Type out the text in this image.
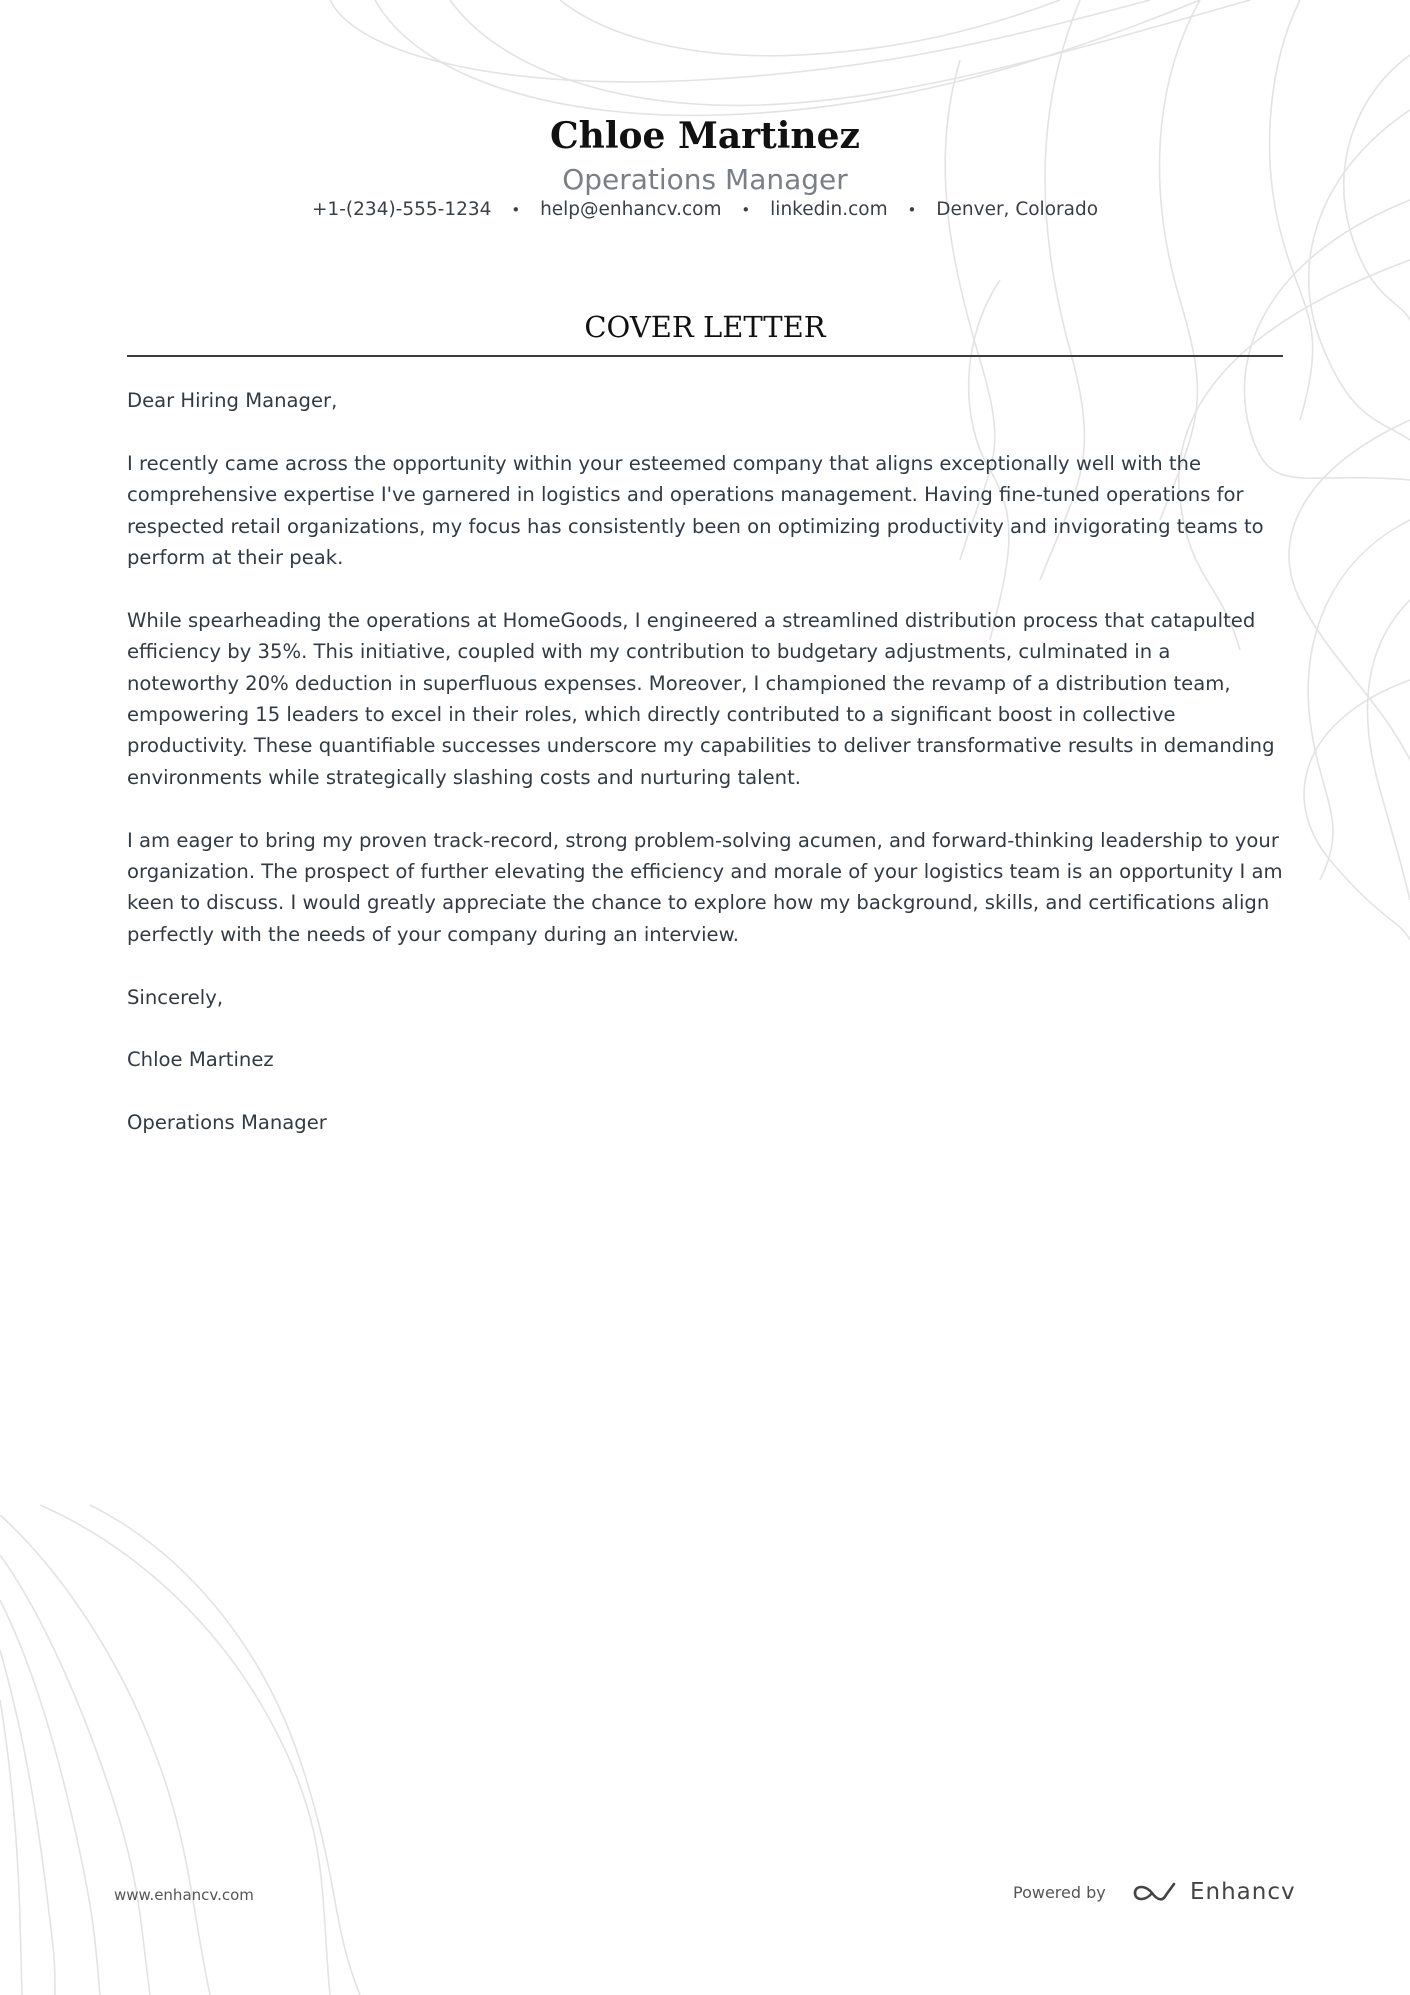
Chloe Martinez
Operations Manager
+1-(234)-555-1234 • help@enhancv.com • linkedin.com • Denver, Colorado
COVER LETTER

Dear Hiring Manager,

I recently came across the opportunity within your esteemed company that aligns exceptionally well with the comprehensive expertise I've garnered in logistics and operations management. Having fine-tuned operations for respected retail organizations, my focus has consistently been on optimizing productivity and invigorating teams to perform at their peak.

While spearheading the operations at HomeGoods, I engineered a streamlined distribution process that catapulted efficiency by 35%. This initiative, coupled with my contribution to budgetary adjustments, culminated in a noteworthy 20% deduction in superfluous expenses. Moreover, I championed the revamp of a distribution team, empowering 15 leaders to excel in their roles, which directly contributed to a significant boost in collective productivity. These quantifiable successes underscore my capabilities to deliver transformative results in demanding environments while strategically slashing costs and nurturing talent.

I am eager to bring my proven track-record, strong problem-solving acumen, and forward-thinking leadership to your organization. The prospect of further elevating the efficiency and morale of your logistics team is an opportunity I am keen to discuss. I would greatly appreciate the chance to explore how my background, skills, and certifications align perfectly with the needs of your company during an interview.

Sincerely,

Chloe Martinez

Operations Manager

www.enhancv.com	Powered by	Enhancv
